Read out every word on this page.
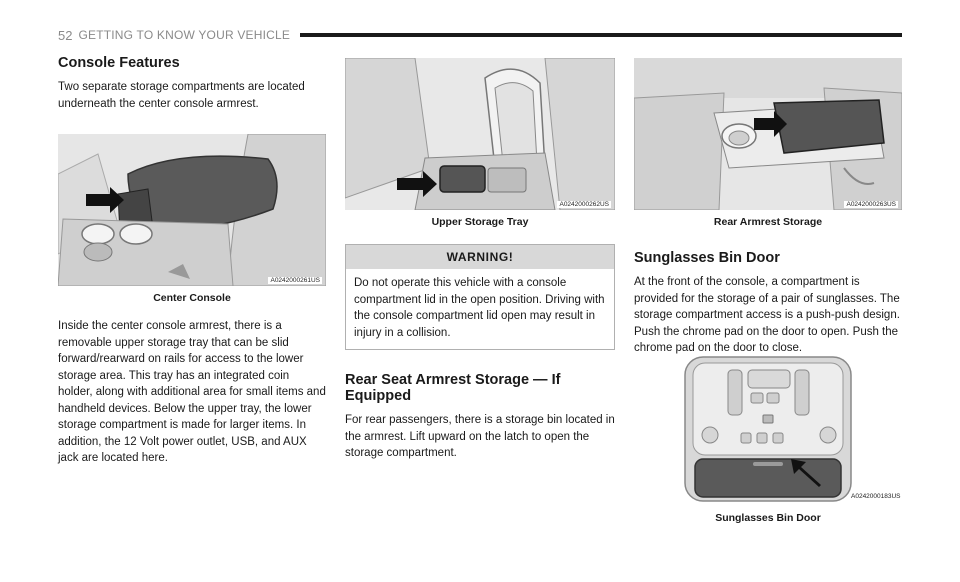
52 GETTING TO KNOW YOUR VEHICLE
Console Features

Two separate storage compartments are located underneath the center console armrest.

A0242000261US
Center Console

Inside the center console armrest, there is a removable upper storage tray that can be slid forward/rearward on rails for access to the lower storage area. This tray has an integrated coin holder, along with additional area for small items and handheld devices. Below the upper tray, the lower storage compartment is made for larger items. In addition, the 12 Volt power outlet, USB, and AUX jack are located here.

A0242000262US
Upper Storage Tray
WARNING!
Do not operate this vehicle with a console compartment lid in the open position. Driving with the console compartment lid open may result in injury in a collision.
Rear Seat Armrest Storage — If Equipped

For rear passengers, there is a storage bin located in the armrest. Lift upward on the latch to open the storage compartment.

A0242000263US
Rear Armrest Storage
Sunglasses Bin Door

At the front of the console, a compartment is provided for the storage of a pair of sunglasses. The storage compartment access is a push-push design. Push the chrome pad on the door to open. Push the chrome pad on the door to close.

A0242000183US
Sunglasses Bin Door
